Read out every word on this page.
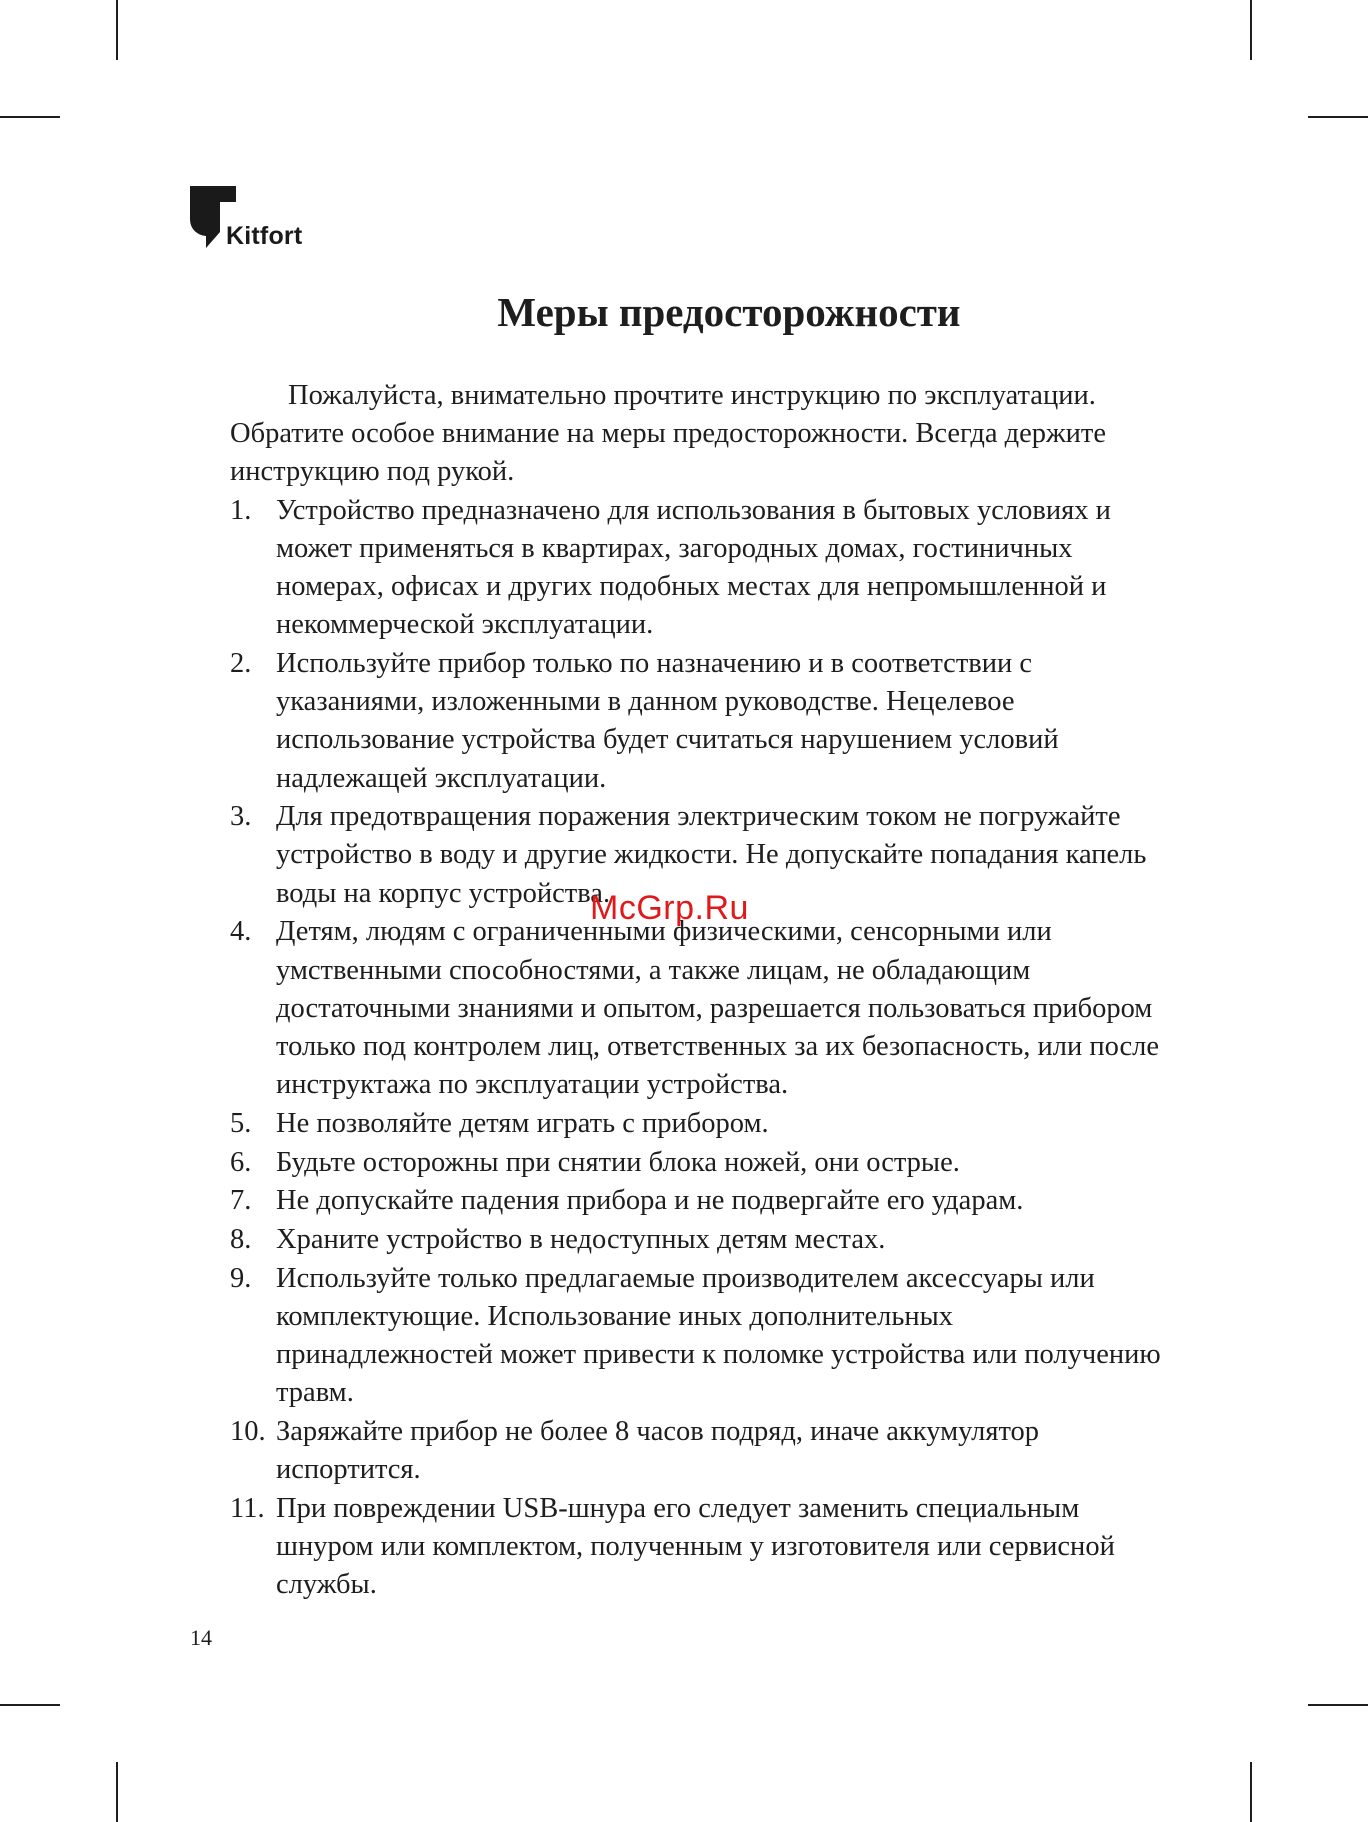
Kitfort
Меры предосторожности

Пожалуйста, внимательно прочтите инструкцию по эксплуатации. Обратите особое внимание на меры предосторожности. Всегда держите инструкцию под рукой.

1. Устройство предназначено для использования в бытовых условиях и может применяться в квартирах, загородных домах, гостиничных номерах, офисах и других подобных местах для непромышленной и некоммерческой эксплуатации.
2. Используйте прибор только по назначению и в соответствии с указаниями, изложенными в данном руководстве. Нецелевое использование устройства будет считаться нарушением условий надлежащей эксплуатации.
3. Для предотвращения поражения электрическим током не погружайте устройство в воду и другие жидкости. Не допускайте попадания капель воды на корпус устройства.
4. Детям, людям с ограниченными физическими, сенсорными или умственными способностями, а также лицам, не обладающим достаточными знаниями и опытом, разрешается пользоваться прибором только под контролем лиц, ответственных за их безопасность, или после инструктажа по эксплуатации устройства.
5. Не позволяйте детям играть с прибором.
6. Будьте осторожны при снятии блока ножей, они острые.
7. Не допускайте падения прибора и не подвергайте его ударам.
8. Храните устройство в недоступных детям местах.
9. Используйте только предлагаемые производителем аксессуары или комплектующие. Использование иных дополнительных принадлежностей может привести к поломке устройства или получению травм.
10. Заряжайте прибор не более 8 часов подряд, иначе аккумулятор испортится.
11. При повреждении USB-шнура его следует заменить специальным шнуром или комплектом, полученным у изготовителя или сервисной службы.
McGrp.Ru
14
